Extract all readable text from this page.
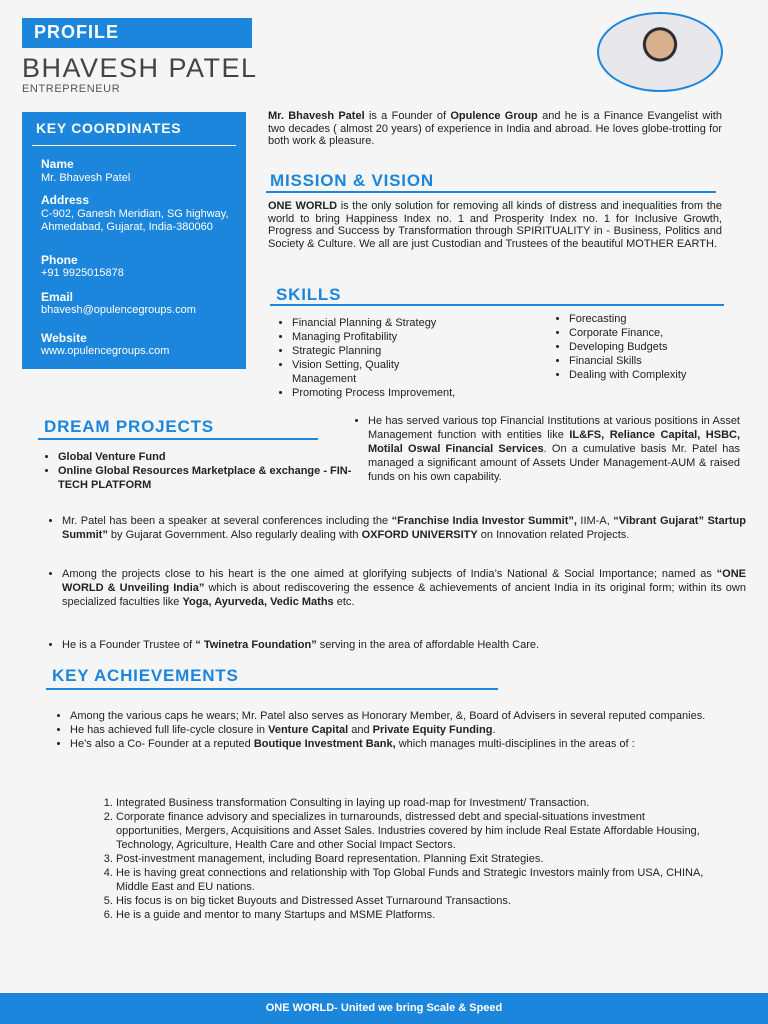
PROFILE
BHAVESH PATEL
ENTREPRENEUR
KEY COORDINATES
Name
Mr. Bhavesh Patel
Address
C-902, Ganesh Meridian, SG highway, Ahmedabad, Gujarat, India-380060
Phone
+91 9925015878
Email
bhavesh@opulencegroups.com
Website
www.opulencegroups.com
Mr. Bhavesh Patel is a Founder of Opulence Group and he is a Finance Evangelist with two decades ( almost 20 years) of experience in India and abroad. He loves globe-trotting for both work & pleasure.
MISSION & VISION
ONE WORLD is the only solution for removing all kinds of distress and inequalities from the world to bring Happiness Index no. 1 and Prosperity Index no. 1 for Inclusive Growth, Progress and Success by Transformation through SPIRITUALITY in - Business, Politics and Society & Culture. We all are just Custodian and Trustees of the beautiful MOTHER EARTH.
SKILLS
• Financial Planning & Strategy
• Managing Profitability
• Strategic Planning
• Vision Setting, Quality Management
• Promoting Process Improvement,
• Forecasting
• Corporate Finance,
• Developing Budgets
• Financial Skills
• Dealing with Complexity
DREAM PROJECTS
• Global Venture Fund
• Online Global Resources Marketplace & exchange - FIN-TECH PLATFORM
• He has served various top Financial Institutions at various positions in Asset Management function with entities like IL&FS, Reliance Capital, HSBC, Motilal Oswal Financial Services. On a cumulative basis Mr. Patel has managed a significant amount of Assets Under Management-AUM & raised funds on his own capability.
• Mr. Patel has been a speaker at several conferences including the “Franchise India Investor Summit”, IIM-A, “Vibrant Gujarat” Startup Summit” by Gujarat Government. Also regularly dealing with OXFORD UNIVERSITY on Innovation related Projects.
• Among the projects close to his heart is the one aimed at glorifying subjects of India’s National & Social Importance; named as “ONE WORLD & Unveiling India” which is about rediscovering the essence & achievements of ancient India in its original form; within its own specialized faculties like Yoga, Ayurveda, Vedic Maths etc.
• He is a Founder Trustee of “ Twinetra Foundation” serving in the area of affordable Health Care.
KEY ACHIEVEMENTS
• Among the various caps he wears; Mr. Patel also serves as Honorary Member, &, Board of Advisers in several reputed companies.
• He has achieved full life-cycle closure in Venture Capital and Private Equity Funding.
• He’s also a Co- Founder at a reputed Boutique Investment Bank, which manages multi-disciplines in the areas of :
1. Integrated Business transformation Consulting in laying up road-map for Investment/ Transaction.
2. Corporate finance advisory and specializes in turnarounds, distressed debt and special-situations investment opportunities, Mergers, Acquisitions and Asset Sales. Industries covered by him include Real Estate Affordable Housing, Technology, Agriculture, Health Care and other Social Impact Sectors.
3. Post-investment management, including Board representation. Planning Exit Strategies.
4. He is having great connections and relationship with Top Global Funds and Strategic Investors mainly from USA, CHINA, Middle East and EU nations.
5. His focus is on big ticket Buyouts and Distressed Asset Turnaround Transactions.
6. He is a guide and mentor to many Startups and MSME Platforms.
ONE WORLD- United we bring Scale & Speed
